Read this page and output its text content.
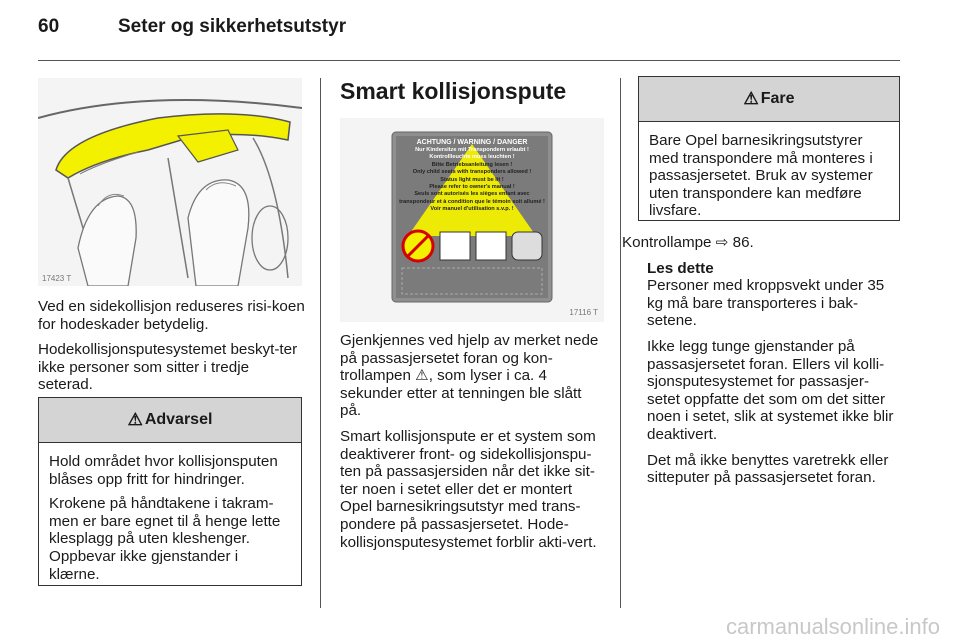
60	Seter og sikkerhetsutstyr
17423 T

Ved en sidekollisjon reduseres risi-koen for hodeskader betydelig.

Hodekollisjonsputesystemet beskyt-ter ikke personer som sitter i tredje seterad.

⚠ Advarsel

Hold området hvor kollisjonsputen blåses opp fritt for hindringer.

Krokene på håndtakene i takram-men er bare egnet til å henge lette klesplagg på uten kleshenger. Oppbevar ikke gjenstander i klærne.

Smart kollisjonspute
ACHTUNG / WARNING / DANGER
Nur Kindersitze mit Transpondern erlaubt !
Kontrollleuchte muss leuchten !
Bitte Betriebsanleitung lesen !
Only child seats with transponders allowed !
Status light must be lit !
Please refer to owner's manual !
Seuls sont autorisés les sièges enfant avec
transpondeur et à condition que le témoin soit allumé !
Voir manuel d'utilisation s.v.p. !
17116 T

Gjenkjennes ved hjelp av merket nede på passasjersetet foran og kon-trollampen ⚠, som lyser i ca. 4 sekunder etter at tenningen ble slått på.

Smart kollisjonspute er et system som deaktiverer front- og sidekollisjonspu-ten på passasjersiden når det ikke sit-ter noen i setet eller det er montert Opel barnesikringsutstyr med trans-pondere på passasjersetet. Hode-kollisjonsputesystemet forblir akti-vert.

⚠ Fare

Bare Opel barnesikringsutstyrer med transpondere må monteres i passasjersetet. Bruk av systemer uten transpondere kan medføre livsfare.

Kontrollampe ⇨ 86.

Les dette

Personer med kroppsvekt under 35 kg må bare transporteres i bak-setene.

Ikke legg tunge gjenstander på passasjersetet foran. Ellers vil kolli-sjonsputesystemet for passasjer-setet oppfatte det som om det sitter noen i setet, slik at systemet ikke blir deaktivert.

Det må ikke benyttes varetrekk eller sitteputer på passasjersetet foran.

carmanualsonline.info
